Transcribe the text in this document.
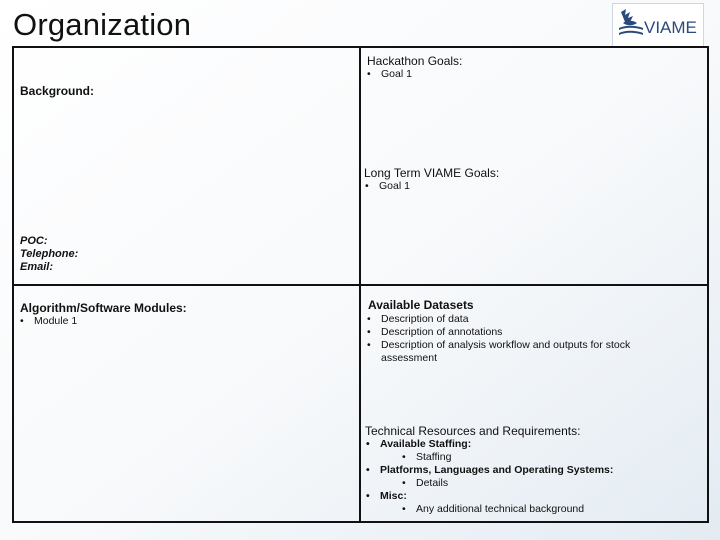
Organization	VIAME
Hackathon Goals:
• Goal 1
Background:
Long Term VIAME Goals:
• Goal 1
POC:
Telephone:
Email:
Algorithm/Software Modules:
• Module 1
Available Datasets
• Description of data
• Description of annotations
• Description of analysis workflow and outputs for stock assessment
Technical Resources and Requirements:
• Available Staffing:
• Staffing
• Platforms, Languages and Operating Systems:
• Details
• Misc:
• Any additional technical background
